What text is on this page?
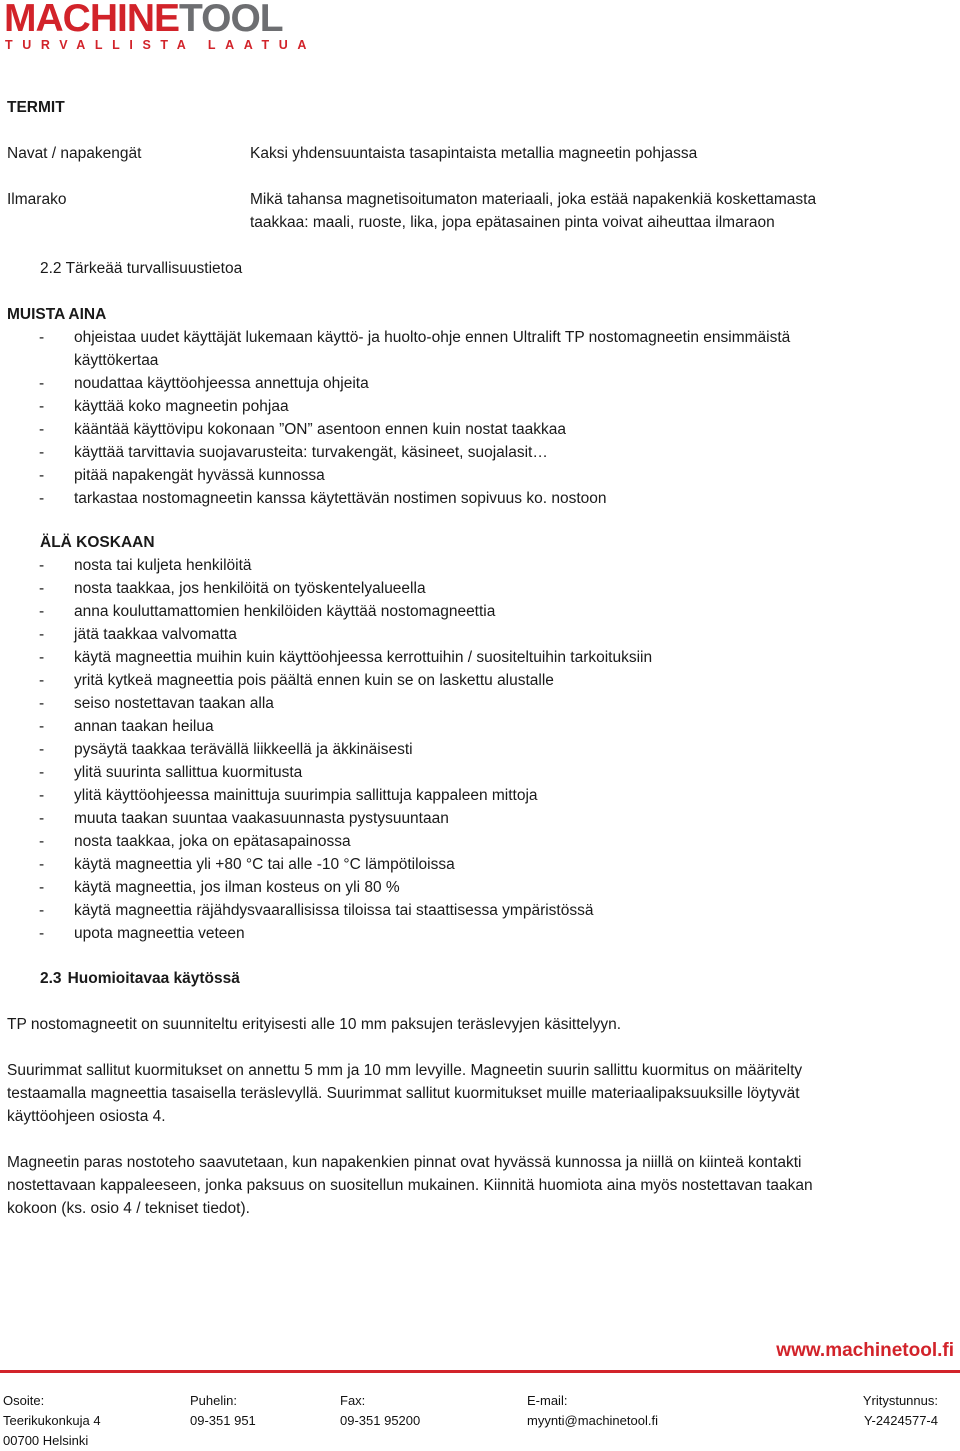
MACHINETOOL
TURVALLISTA LAATUA
TERMIT
Navat / napakengät	Kaksi yhdensuuntaista tasapintaista metallia magneetin pohjassa
Ilmarako	Mikä tahansa magnetisoitumaton materiaali, joka estää napakenkiä koskettamasta
taakkaa: maali, ruoste, lika, jopa epätasainen pinta voivat aiheuttaa ilmaraon
2.2 Tärkeää turvallisuustietoa
MUISTA AINA
- ohjeistaa uudet käyttäjät lukemaan käyttö- ja huolto-ohje ennen Ultralift TP nostomagneetin ensimmäistä
käyttökertaa
- noudattaa käyttöohjeessa annettuja ohjeita
- käyttää koko magneetin pohjaa
- kääntää käyttövipu kokonaan ”ON” asentoon ennen kuin nostat taakkaa
- käyttää tarvittavia suojavarusteita: turvakengät, käsineet, suojalasit…
- pitää napakengät hyvässä kunnossa
- tarkastaa nostomagneetin kanssa käytettävän nostimen sopivuus ko. nostoon
ÄLÄ KOSKAAN
- nosta tai kuljeta henkilöitä
- nosta taakkaa, jos henkilöitä on työskentelyalueella
- anna kouluttamattomien henkilöiden käyttää nostomagneettia
- jätä taakkaa valvomatta
- käytä magneettia muihin kuin käyttöohjeessa kerrottuihin / suositeltuihin tarkoituksiin
- yritä kytkeä magneettia pois päältä ennen kuin se on laskettu alustalle
- seiso nostettavan taakan alla
- annan taakan heilua
- pysäytä taakkaa terävällä liikkeellä ja äkkinäisesti
- ylitä suurinta sallittua kuormitusta
- ylitä käyttöohjeessa mainittuja suurimpia sallittuja kappaleen mittoja
- muuta taakan suuntaa vaakasuunnasta pystysuuntaan
- nosta taakkaa, joka on epätasapainossa
- käytä magneettia yli +80 °C tai alle -10 °C lämpötiloissa
- käytä magneettia, jos ilman kosteus on yli 80 %
- käytä magneettia räjähdysvaarallisissa tiloissa tai staattisessa ympäristössä
- upota magneettia veteen
2.3 Huomioitavaa käytössä
TP nostomagneetit on suunniteltu erityisesti alle 10 mm paksujen teräslevyjen käsittelyyn.
Suurimmat sallitut kuormitukset on annettu 5 mm ja 10 mm levyille. Magneetin suurin sallittu kuormitus on määritelty
testaamalla magneettia tasaisella teräslevyllä. Suurimmat sallitut kuormitukset muille materiaalipaksuuksille löytyvät
käyttöohjeen osiosta 4.
Magneetin paras nostoteho saavutetaan, kun napakenkien pinnat ovat hyvässä kunnossa ja niillä on kiinteä kontakti
nostettavaan kappaleeseen, jonka paksuus on suositellun mukainen. Kiinnitä huomiota aina myös nostettavan taakan
kokoon (ks. osio 4 / tekniset tiedot).
www.machinetool.fi
Osoite:
Teerikukonkuja 4
00700 Helsinki
Puhelin:
09-351 951
Fax:
09-351 95200
E-mail:
myynti@machinetool.fi
Yritystunnus:
Y-2424577-4
